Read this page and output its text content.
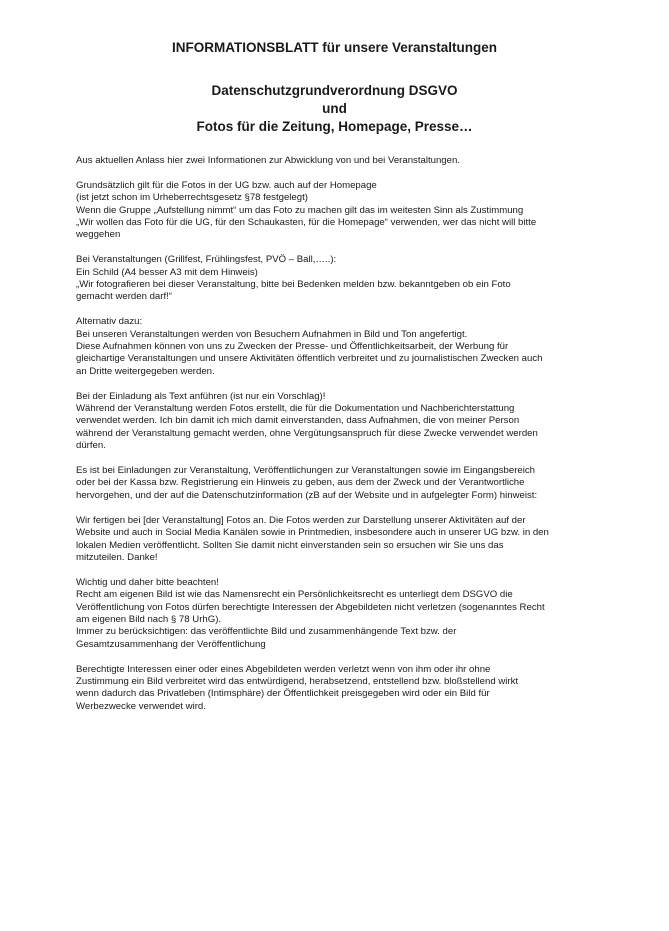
INFORMATIONSBLATT für unsere Veranstaltungen
Datenschutzgrundverordnung DSGVO
und
Fotos für die Zeitung, Homepage, Presse…
Aus aktuellen Anlass hier zwei Informationen zur Abwicklung von und bei Veranstaltungen.
Grundsätzlich gilt für die Fotos in der UG bzw. auch auf der Homepage
(ist jetzt schon im Urheberrechtsgesetz §78 festgelegt)
Wenn die Gruppe „Aufstellung nimmt“ um das Foto zu machen gilt das im weitesten Sinn als Zustimmung
„Wir wollen das Foto für die UG, für den Schaukasten, für die Homepage“ verwenden, wer das nicht will bitte
weggehen
Bei Veranstaltungen (Grillfest, Frühlingsfest, PVÖ – Ball,…..):
Ein Schild (A4 besser A3 mit dem Hinweis)
„Wir fotografieren bei dieser Veranstaltung, bitte bei Bedenken melden bzw. bekanntgeben ob ein Foto
gemacht werden darf!“
Alternativ dazu:
Bei unseren Veranstaltungen werden von Besuchern Aufnahmen in Bild und Ton angefertigt.
Diese Aufnahmen können von uns zu Zwecken der Presse- und Öffentlichkeitsarbeit, der Werbung für
gleichartige Veranstaltungen und unsere Aktivitäten öffentlich verbreitet und zu journalistischen Zwecken auch
an Dritte weitergegeben werden.
Bei der Einladung als Text anführen (ist nur ein Vorschlag)!
Während der Veranstaltung werden Fotos erstellt, die für die Dokumentation und Nachberichterstattung
verwendet werden. Ich bin damit ich mich damit einverstanden, dass Aufnahmen, die von meiner Person
während der Veranstaltung gemacht werden, ohne Vergütungsanspruch für diese Zwecke verwendet werden
dürfen.
Es ist bei Einladungen zur Veranstaltung, Veröffentlichungen zur Veranstaltungen sowie im Eingangsbereich
oder bei der Kassa bzw. Registrierung ein Hinweis zu geben, aus dem der Zweck und der Verantwortliche
hervorgehen, und der auf die Datenschutzinformation (zB auf der Website und in aufgelegter Form) hinweist:
Wir fertigen bei [der Veranstaltung] Fotos an. Die Fotos werden zur Darstellung unserer Aktivitäten auf der
Website und auch in Social Media Kanälen sowie in Printmedien, insbesondere auch in unserer UG bzw. in den
lokalen Medien veröffentlicht. Sollten Sie damit nicht einverstanden sein so ersuchen wir Sie uns das
mitzuteilen. Danke!
Wichtig und daher bitte beachten!
Recht am eigenen Bild ist wie das Namensrecht ein Persönlichkeitsrecht es unterliegt dem DSGVO die
Veröffentlichung von Fotos dürfen berechtigte Interessen der Abgebildeten nicht verletzen (sogenanntes Recht
am eigenen Bild nach § 78 UrhG).
Immer zu berücksichtigen: das veröffentlichte Bild und zusammenhängende Text bzw. der
Gesamtzusammenhang der Veröffentlichung
Berechtigte Interessen einer oder eines Abgebildeten werden verletzt wenn von ihm oder ihr ohne
Zustimmung ein Bild verbreitet wird das entwürdigend, herabsetzend, entstellend bzw. bloßstellend wirkt
wenn dadurch das Privatleben (Intimsphäre) der Öffentlichkeit preisgegeben wird oder ein Bild für
Werbezwecke verwendet wird.
